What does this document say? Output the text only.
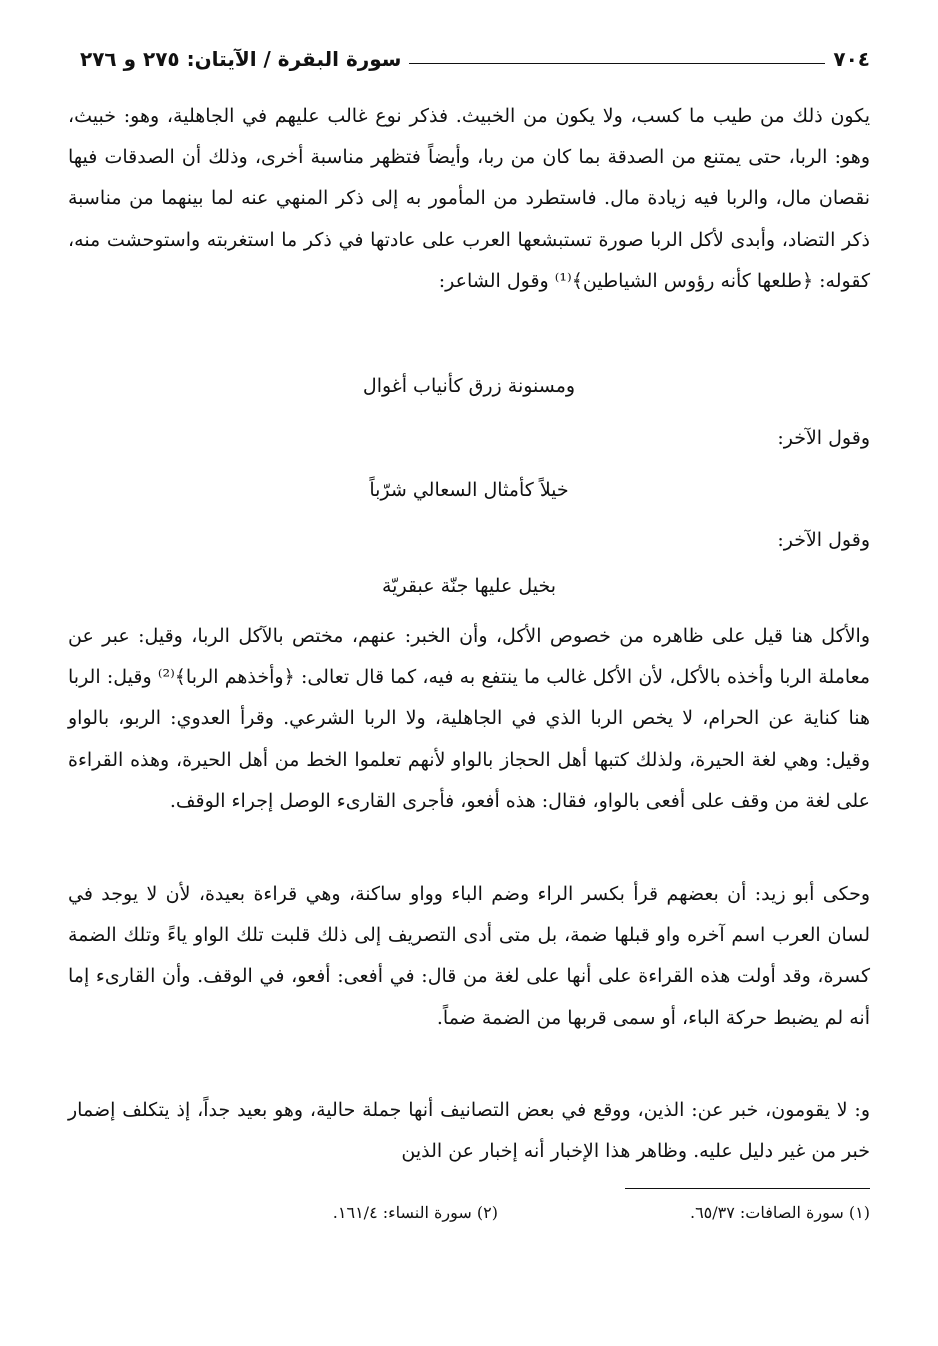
٧٠٤
سورة البقرة / الآيتان: ٢٧٥ و ٢٧٦

يكون ذلك من طيب ما كسب، ولا يكون من الخبيث. فذكر نوع غالب عليهم في الجاهلية، وهو: خبيث، وهو: الربا، حتى يمتنع من الصدقة بما كان من ربا، وأيضاً فتظهر مناسبة أخرى، وذلك أن الصدقات فيها نقصان مال، والربا فيه زيادة مال. فاستطرد من المأمور به إلى ذكر المنهي عنه لما بينهما من مناسبة ذكر التضاد، وأبدى لأكل الربا صورة تستبشعها العرب على عادتها في ذكر ما استغربته واستوحشت منه، كقوله: ﴿طلعها كأنه رؤوس الشياطين﴾⁽¹⁾ وقول الشاعر:

ومسنونة زرق كأنياب أغوال

وقول الآخر:

خيلاً كأمثال السعالي شرّباً

وقول الآخر:

بخيل عليها جنّة عبقريّة

والأكل هنا قيل على ظاهره من خصوص الأكل، وأن الخبر: عنهم، مختص بالآكل الربا، وقيل: عبر عن معاملة الربا وأخذه بالأكل، لأن الأكل غالب ما ينتفع به فيه، كما قال تعالى: ﴿وأخذهم الربا﴾⁽²⁾ وقيل: الربا هنا كناية عن الحرام، لا يخص الربا الذي في الجاهلية، ولا الربا الشرعي. وقرأ العدوي: الربو، بالواو وقيل: وهي لغة الحيرة، ولذلك كتبها أهل الحجاز بالواو لأنهم تعلموا الخط من أهل الحيرة، وهذه القراءة على لغة من وقف على أفعى بالواو، فقال: هذه أفعو، فأجرى القارىء الوصل إجراء الوقف.

وحكى أبو زيد: أن بعضهم قرأ بكسر الراء وضم الباء وواو ساكنة، وهي قراءة بعيدة، لأن لا يوجد في لسان العرب اسم آخره واو قبلها ضمة، بل متى أدى التصريف إلى ذلك قلبت تلك الواو ياءً وتلك الضمة كسرة، وقد أولت هذه القراءة على أنها على لغة من قال: في أفعى: أفعو، في الوقف. وأن القارىء إما أنه لم يضبط حركة الباء، أو سمى قربها من الضمة ضماً.

و: لا يقومون، خبر عن: الذين، ووقع في بعض التصانيف أنها جملة حالية، وهو بعيد جداً، إذ يتكلف إضمار خبر من غير دليل عليه. وظاهر هذا الإخبار أنه إخبار عن الذين

(١) سورة الصافات: ٦٥/٣٧.
(٢) سورة النساء: ١٦١/٤.
